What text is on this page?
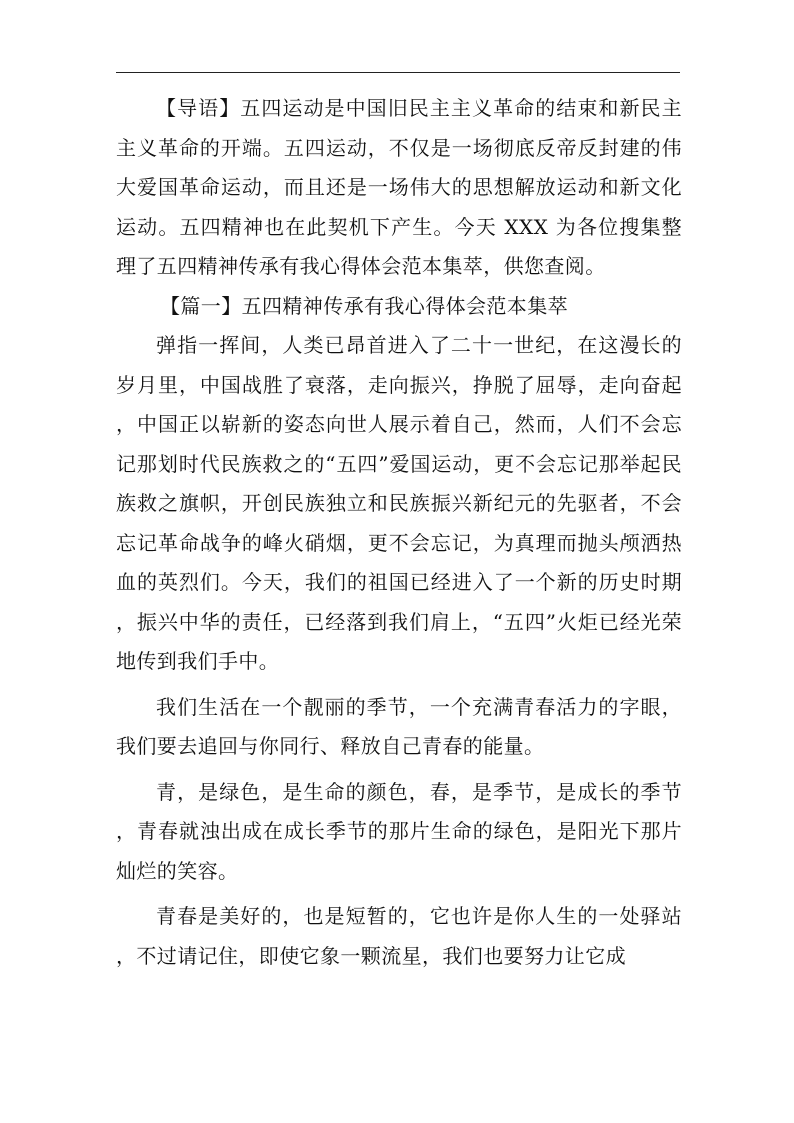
【导语】五四运动是中国旧民主主义革命的结束和新民主主义革命的开端。五四运动，不仅是一场彻底反帝反封建的伟大爱国革命运动，而且还是一场伟大的思想解放运动和新文化运动。五四精神也在此契机下产生。今天 XXX 为各位搜集整理了五四精神传承有我心得体会范本集萃，供您查阅。

【篇一】五四精神传承有我心得体会范本集萃

弹指一挥间，人类已昂首进入了二十一世纪，在这漫长的岁月里，中国战胜了衰落，走向振兴，挣脱了屈辱，走向奋起，中国正以崭新的姿态向世人展示着自己，然而，人们不会忘记那划时代民族救之的“五四”爱国运动，更不会忘记那举起民族救之旗帜，开创民族独立和民族振兴新纪元的先驱者，不会忘记革命战争的峰火硝烟，更不会忘记，为真理而抛头颅洒热血的英烈们。今天，我们的祖国已经进入了一个新的历史时期，振兴中华的责任，已经落到我们肩上，“五四”火炬已经光荣地传到我们手中。

我们生活在一个靓丽的季节，一个充满青春活力的字眼，我们要去追回与你同行、释放自己青春的能量。

青，是绿色，是生命的颜色，春，是季节，是成长的季节，青春就浊出成在成长季节的那片生命的绿色，是阳光下那片灿烂的笑容。

青春是美好的，也是短暂的，它也许是你人生的一处驿站，不过请记住，即使它象一颗流星，我们也要努力让它成
